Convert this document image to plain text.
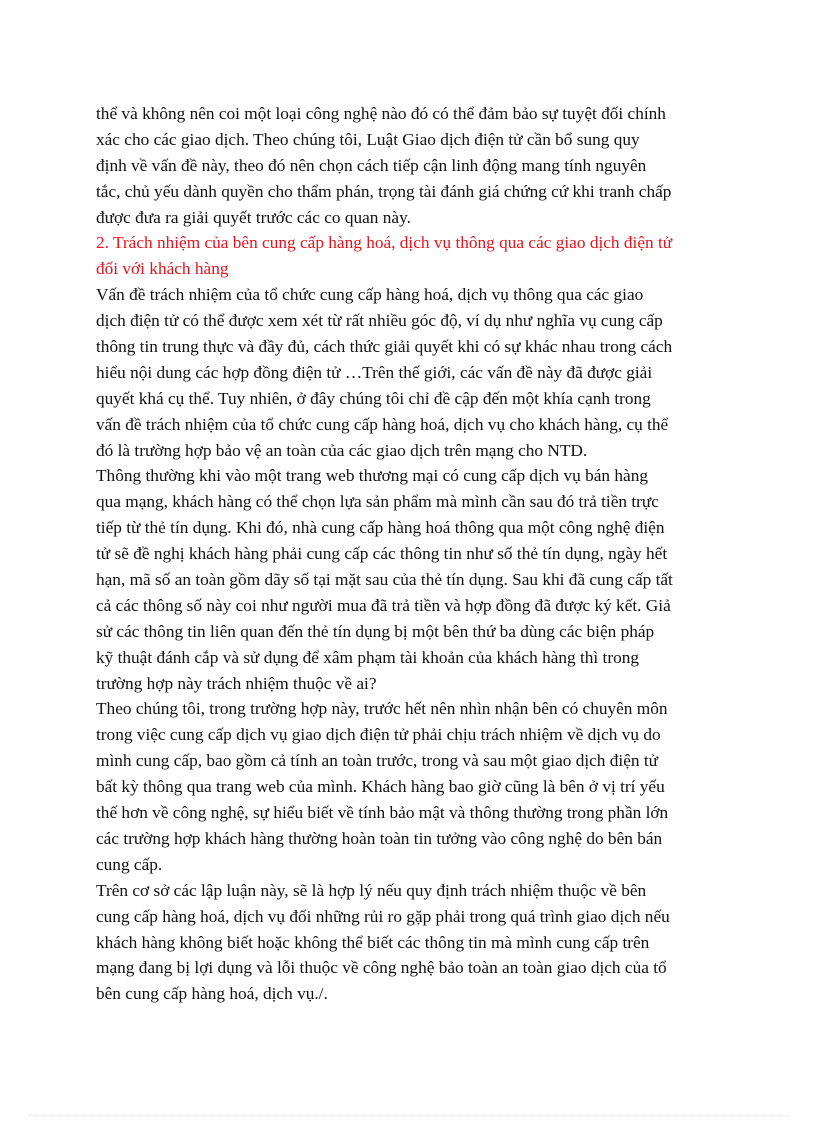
thể và không nên coi một loại công nghệ nào đó có thể đảm bảo sự tuyệt đối chính
xác cho các giao dịch. Theo chúng tôi, Luật Giao dịch điện tử cần bổ sung quy
định về vấn đề này, theo đó nên chọn cách tiếp cận linh động mang tính nguyên
tắc, chủ yếu dành quyền cho thẩm phán, trọng tài đánh giá chứng cứ khi tranh chấp
được đưa ra giải quyết trước các co quan này.
2. Trách nhiệm của bên cung cấp hàng hoá, dịch vụ thông qua các giao dịch điện tử
đối với khách hàng
Vấn đề trách nhiệm của tổ chức cung cấp hàng hoá, dịch vụ thông qua các giao
dịch điện tử có thể được xem xét từ rất nhiều góc độ, ví dụ như nghĩa vụ cung cấp
thông tin trung thực và đầy đủ, cách thức giải quyết khi có sự khác nhau trong cách
hiểu nội dung các hợp đồng điện tử …Trên thế giới, các vấn đề này đã được giải
quyết khá cụ thể. Tuy nhiên, ở đây chúng tôi chỉ đề cập đến một khía cạnh trong
vấn đề trách nhiệm của tổ chức cung cấp hàng hoá, dịch vụ cho khách hàng, cụ thể
đó là trường hợp bảo vệ an toàn của các giao dịch trên mạng cho NTD.
Thông thường khi vào một trang web thương mại có cung cấp dịch vụ bán hàng
qua mạng, khách hàng có thể chọn lựa sản phẩm mà mình cần sau đó trả tiền trực
tiếp từ thẻ tín dụng. Khi đó, nhà cung cấp hàng hoá thông qua một công nghệ điện
tử sẽ đề nghị khách hàng phải cung cấp các thông tin như số thẻ tín dụng, ngày hết
hạn, mã số an toàn gồm dãy số tại mặt sau của thẻ tín dụng. Sau khi đã cung cấp tất
cả các thông số này coi như người mua đã trả tiền và hợp đồng đã được ký kết. Giả
sử các thông tin liên quan đến thẻ tín dụng bị một bên thứ ba dùng các biện pháp
kỹ thuật đánh cắp và sử dụng để xâm phạm tài khoản của khách hàng thì trong
trường hợp này trách nhiệm thuộc về ai?
Theo chúng tôi, trong trường hợp này, trước hết nên nhìn nhận bên có chuyên môn
trong việc cung cấp dịch vụ giao dịch điện tử phải chịu trách nhiệm về dịch vụ do
mình cung cấp, bao gồm cả tính an toàn trước, trong và sau một giao dịch điện tử
bất kỳ thông qua trang web của mình. Khách hàng bao giờ cũng là bên ở vị trí yếu
thế hơn về công nghệ, sự hiểu biết về tính bảo mật và thông thường trong phần lớn
các trường hợp khách hàng thường hoàn toàn tin tưởng vào công nghệ do bên bán
cung cấp.
Trên cơ sở các lập luận này, sẽ là hợp lý nếu quy định trách nhiệm thuộc về bên
cung cấp hàng hoá, dịch vụ đối những rủi ro gặp phải trong quá trình giao dịch nếu
khách hàng không biết hoặc không thể biết các thông tin mà mình cung cấp trên
mạng đang bị lợi dụng và lỗi thuộc về công nghệ bảo toàn an toàn giao dịch của tổ
bên cung cấp hàng hoá, dịch vụ./.
